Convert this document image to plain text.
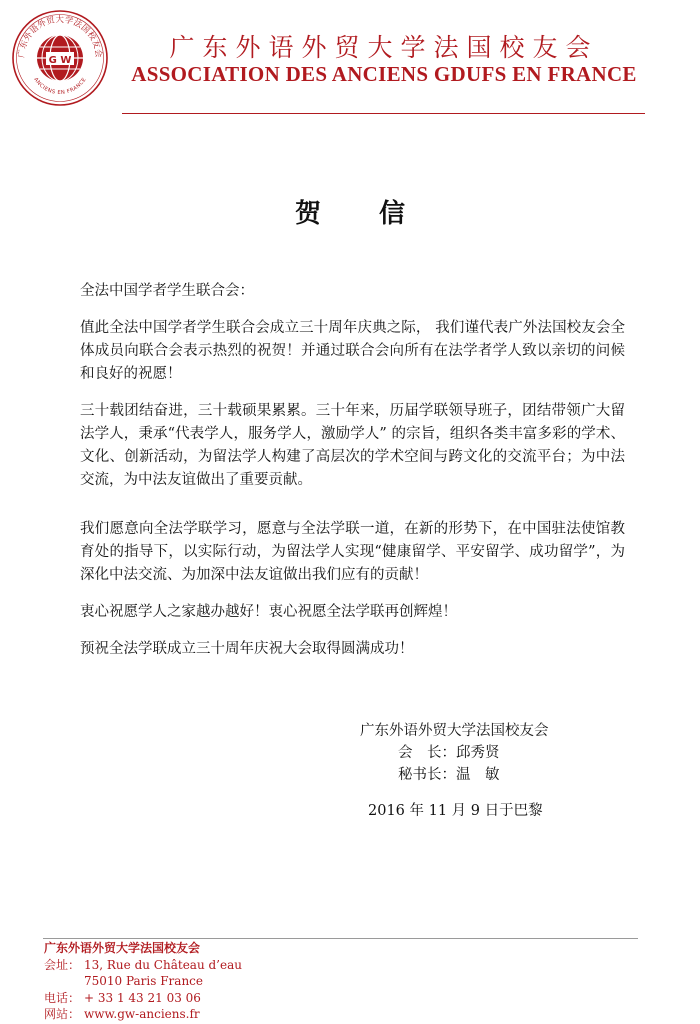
G W
广东外语外贸大学法国校友会
ANCIENS EN FRANCE
广东外语外贸大学法国校友会
ASSOCIATION DES ANCIENS GDUFS EN FRANCE
贺 信

全法中国学者学生联合会：

值此全法中国学者学生联合会成立三十周年庆典之际， 我们谨代表广外法国校友会全体成员向联合会表示热烈的祝贺！并通过联合会向所有在法学者学人致以亲切的问候和良好的祝愿！

三十载团结奋进，三十载硕果累累。三十年来，历届学联领导班子，团结带领广大留法学人，秉承“代表学人，服务学人，激励学人” 的宗旨，组织各类丰富多彩的学术、文化、创新活动，为留法学人构建了高层次的学术空间与跨文化的交流平台；为中法交流，为中法友谊做出了重要贡献。

我们愿意向全法学联学习，愿意与全法学联一道，在新的形势下，在中国驻法使馆教育处的指导下，以实际行动，为留法学人实现“健康留学、平安留学、成功留学”，为深化中法交流、为加深中法友谊做出我们应有的贡献！

衷心祝愿学人之家越办越好！衷心祝愿全法学联再创辉煌！

预祝全法学联成立三十周年庆祝大会取得圆满成功！

广东外语外贸大学法国校友会
会　长：邱秀贤
秘书长：温　敏
2016 年 11 月 9 日于巴黎
广东外语外贸大学法国校友会
会址： 13, Rue du Château d’eau
75010 Paris France
电话： + 33 1 43 21 03 06
网站： www.gw-anciens.fr
